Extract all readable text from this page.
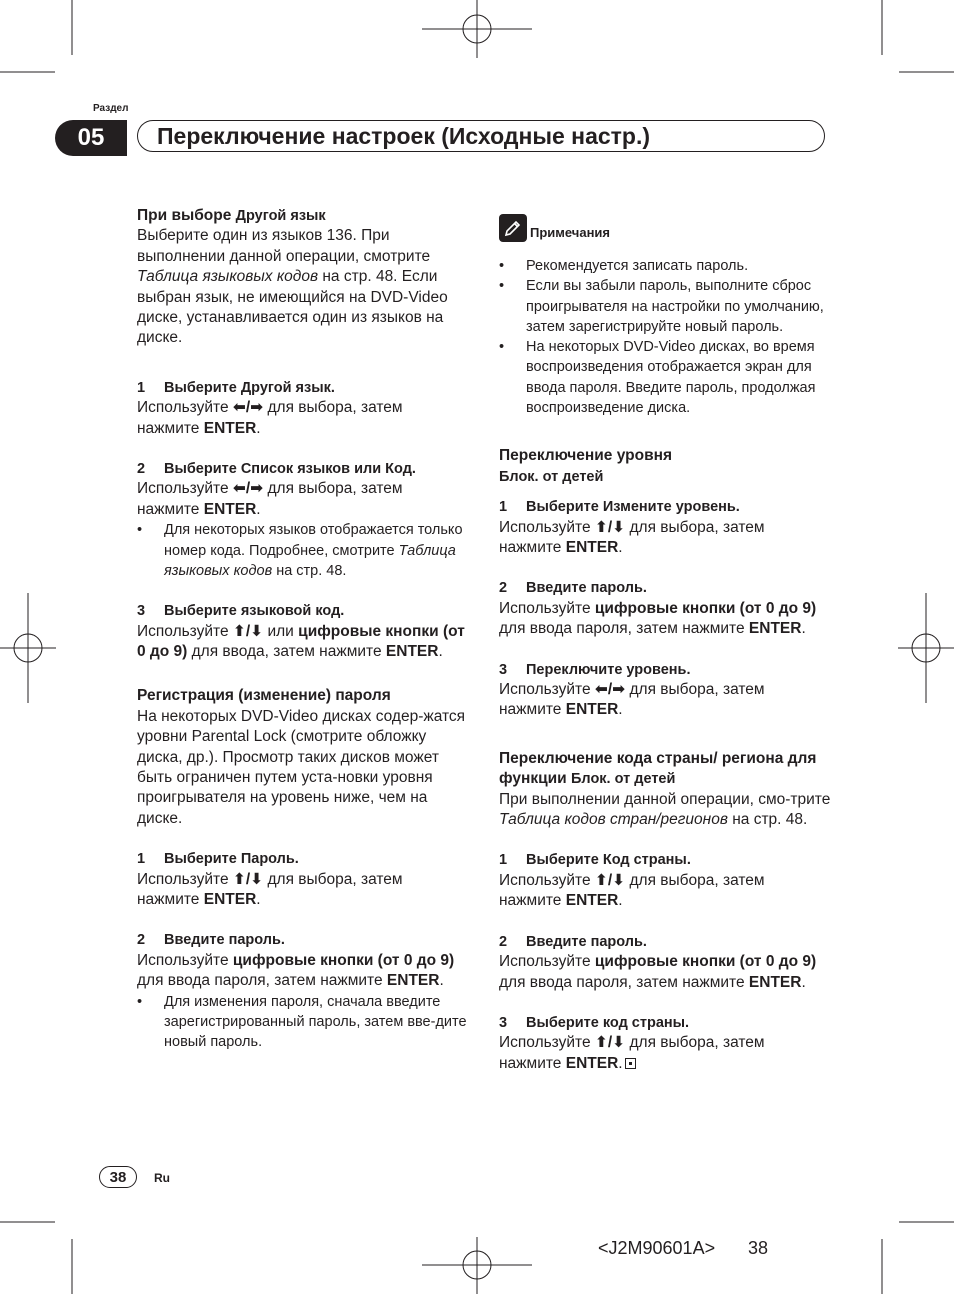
Раздел
05	Переключение настроек (Исходные настр.)

При выборе Другой язык

Выберите один из языков 136. При выполнении данной операции, смотрите Таблица языковых кодов на стр. 48. Если выбран язык, не имеющийся на DVD-Video диске, устанавливается один из языков на диске.

1 Выберите Другой язык.

Используйте ⬅/➡ для выбора, затем нажмите ENTER.

2 Выберите Список языков или Код.

Используйте ⬅/➡ для выбора, затем нажмите ENTER.

• Для некоторых языков отображается только номер кода. Подробнее, смотрите Таблица языковых кодов на стр. 48.

3 Выберите языковой код.

Используйте ⬆/⬇ или цифровые кнопки (от 0 до 9) для ввода, затем нажмите ENTER.

Регистрация (изменение) пароля

На некоторых DVD-Video дисках содер-жатся уровни Parental Lock (смотрите обложку диска, др.). Просмотр таких дисков может быть ограничен путем уста-новки уровня проигрывателя на уровень ниже, чем на диске.

1 Выберите Пароль.

Используйте ⬆/⬇ для выбора, затем нажмите ENTER.

2 Введите пароль.

Используйте цифровые кнопки (от 0 до 9) для ввода пароля, затем нажмите ENTER.

• Для изменения пароля, сначала введите зарегистрированный пароль, затем вве-дите новый пароль.

Примечания

• Рекомендуется записать пароль.

• Если вы забыли пароль, выполните сброс проигрывателя на настройки по умолчанию, затем зарегистрируйте новый пароль.

• На некоторых DVD-Video дисках, во время воспроизведения отображается экран для ввода пароля. Введите пароль, продолжая воспроизведение диска.

Переключение уровня

Блок. от детей

1 Выберите Измените уровень.

Используйте ⬆/⬇ для выбора, затем нажмите ENTER.

2 Введите пароль.

Используйте цифровые кнопки (от 0 до 9) для ввода пароля, затем нажмите ENTER.

3 Переключите уровень.

Используйте ⬅/➡ для выбора, затем нажмите ENTER.

Переключение кода страны/ региона для функции Блок. от детей

При выполнении данной операции, смо-трите Таблица кодов стран/регионов на стр. 48.

1 Выберите Код страны.

Используйте ⬆/⬇ для выбора, затем нажмите ENTER.

2 Введите пароль.

Используйте цифровые кнопки (от 0 до 9) для ввода пароля, затем нажмите ENTER.

3 Выберите код страны.

Используйте ⬆/⬇ для выбора, затем нажмите ENTER.

38	Ru
<J2M90601A> 38
